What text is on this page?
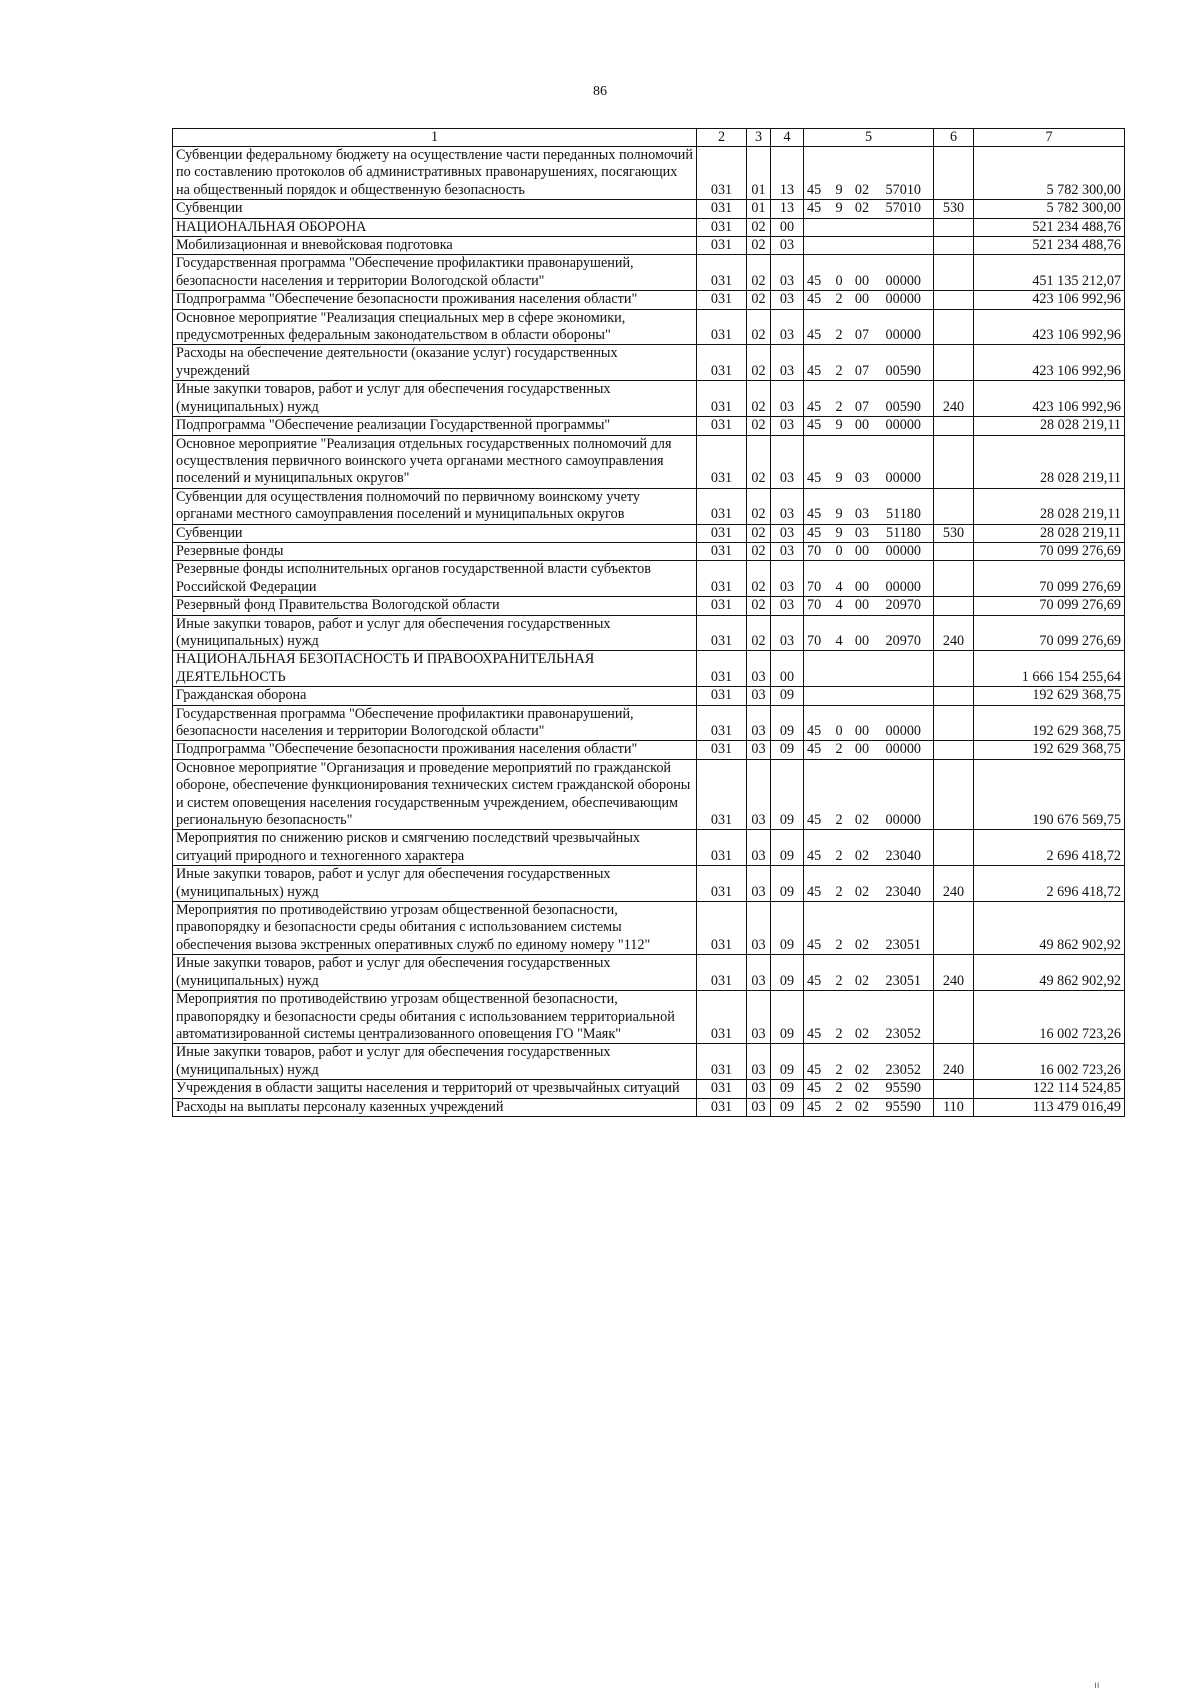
86
1	2	3	4	5	6	7
Субвенции федеральному бюджету на осуществление части переданных полномочий по составлению протоколов об административных правонарушениях, посягающих на общественный порядок и общественную безопасность	031	01	13	45 9 02 57010		5 782 300,00
Субвенции	031	01	13	45 9 02 57010	530	5 782 300,00
НАЦИОНАЛЬНАЯ ОБОРОНА	031	02	00			521 234 488,76
Мобилизационная и вневойсковая подготовка	031	02	03			521 234 488,76
Государственная программа "Обеспечение профилактики правонарушений, безопасности населения и территории Вологодской области"	031	02	03	45 0 00 00000		451 135 212,07
Подпрограмма "Обеспечение безопасности проживания населения области"	031	02	03	45 2 00 00000		423 106 992,96
Основное мероприятие "Реализация специальных мер в сфере экономики, предусмотренных федеральным законодательством в области обороны"	031	02	03	45 2 07 00000		423 106 992,96
Расходы на обеспечение деятельности (оказание услуг) государственных учреждений	031	02	03	45 2 07 00590		423 106 992,96
Иные закупки товаров, работ и услуг для обеспечения государственных (муниципальных) нужд	031	02	03	45 2 07 00590	240	423 106 992,96
Подпрограмма "Обеспечение реализации Государственной программы"	031	02	03	45 9 00 00000		28 028 219,11
Основное мероприятие "Реализация отдельных государственных полномочий для осуществления первичного воинского учета органами местного самоуправления поселений и муниципальных округов"	031	02	03	45 9 03 00000		28 028 219,11
Субвенции для осуществления полномочий по первичному воинскому учету органами местного самоуправления поселений и муниципальных округов	031	02	03	45 9 03 51180		28 028 219,11
Субвенции	031	02	03	45 9 03 51180	530	28 028 219,11
Резервные фонды	031	02	03	70 0 00 00000		70 099 276,69
Резервные фонды исполнительных органов государственной власти субъектов Российской Федерации	031	02	03	70 4 00 00000		70 099 276,69
Резервный фонд Правительства Вологодской области	031	02	03	70 4 00 20970		70 099 276,69
Иные закупки товаров, работ и услуг для обеспечения государственных (муниципальных) нужд	031	02	03	70 4 00 20970	240	70 099 276,69
НАЦИОНАЛЬНАЯ БЕЗОПАСНОСТЬ И ПРАВООХРАНИТЕЛЬНАЯ ДЕЯТЕЛЬНОСТЬ	031	03	00			1 666 154 255,64
Гражданская оборона	031	03	09			192 629 368,75
Государственная программа "Обеспечение профилактики правонарушений, безопасности населения и территории Вологодской области"	031	03	09	45 0 00 00000		192 629 368,75
Подпрограмма "Обеспечение безопасности проживания населения области"	031	03	09	45 2 00 00000		192 629 368,75
Основное мероприятие "Организация и проведение мероприятий по гражданской обороне, обеспечение функционирования технических систем гражданской обороны и систем оповещения населения государственным учреждением, обеспечивающим региональную безопасность"	031	03	09	45 2 02 00000		190 676 569,75
Мероприятия по снижению рисков и смягчению последствий чрезвычайных ситуаций природного и техногенного характера	031	03	09	45 2 02 23040		2 696 418,72
Иные закупки товаров, работ и услуг для обеспечения государственных (муниципальных) нужд	031	03	09	45 2 02 23040	240	2 696 418,72
Мероприятия по противодействию угрозам общественной безопасности, правопорядку и безопасности среды обитания с использованием системы обеспечения вызова экстренных оперативных служб по единому номеру "112"	031	03	09	45 2 02 23051		49 862 902,92
Иные закупки товаров, работ и услуг для обеспечения государственных (муниципальных) нужд	031	03	09	45 2 02 23051	240	49 862 902,92
Мероприятия по противодействию угрозам общественной безопасности, правопорядку и безопасности среды обитания с использованием территориальной автоматизированной системы централизованного оповещения ГО "Маяк"	031	03	09	45 2 02 23052		16 002 723,26
Иные закупки товаров, работ и услуг для обеспечения государственных (муниципальных) нужд	031	03	09	45 2 02 23052	240	16 002 723,26
Учреждения в области защиты населения и территорий от чрезвычайных ситуаций	031	03	09	45 2 02 95590		122 114 524,85
Расходы на выплаты персоналу казенных учреждений	031	03	09	45 2 02 95590	110	113 479 016,49
ıı
